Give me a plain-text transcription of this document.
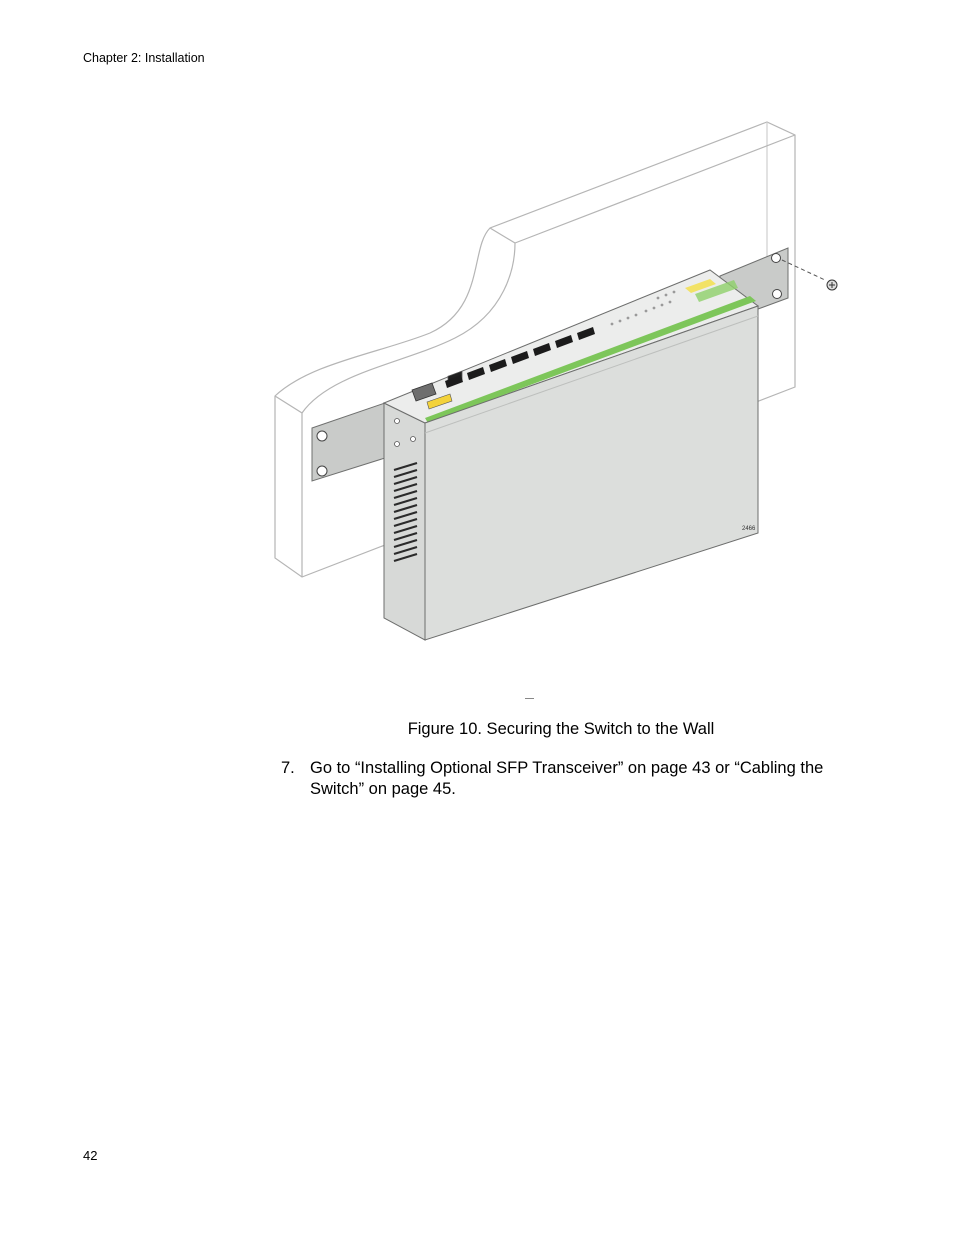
Chapter 2: Installation
2466
Figure 10. Securing the Switch to the Wall
7. Go to “Installing Optional SFP Transceiver” on page 43 or “Cabling the Switch” on page 45.
42
